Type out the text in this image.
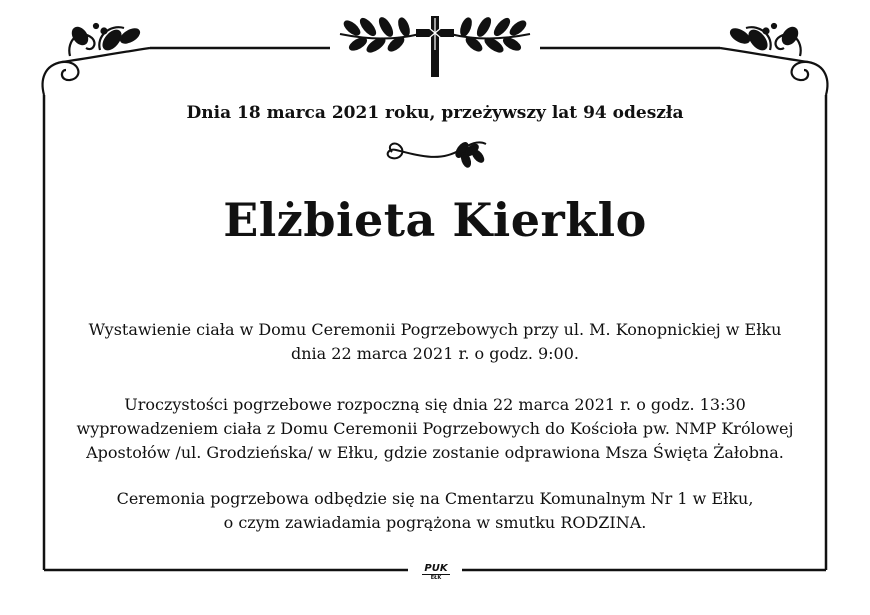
Dnia 18 marca 2021 roku, przeżywszy lat 94 odeszła

Elżbieta Kierklo

Wystawienie ciała w Domu Ceremonii Pogrzebowych przy ul. M. Konopnickiej w Ełku
dnia 22 marca 2021 r. o godz. 9:00.

Uroczystości pogrzebowe rozpoczną się dnia 22 marca 2021 r. o godz. 13:30
wyprowadzeniem ciała z Domu Ceremonii Pogrzebowych do Kościoła pw. NMP Królowej
Apostołów /ul. Grodzieńska/ w Ełku, gdzie zostanie odprawiona Msza Święta Żałobna.

Ceremonia pogrzebowa odbędzie się na Cmentarzu Komunalnym Nr 1 w Ełku,
o czym zawiadamia pogrążona w smutku RODZINA.

PUK
EŁK
